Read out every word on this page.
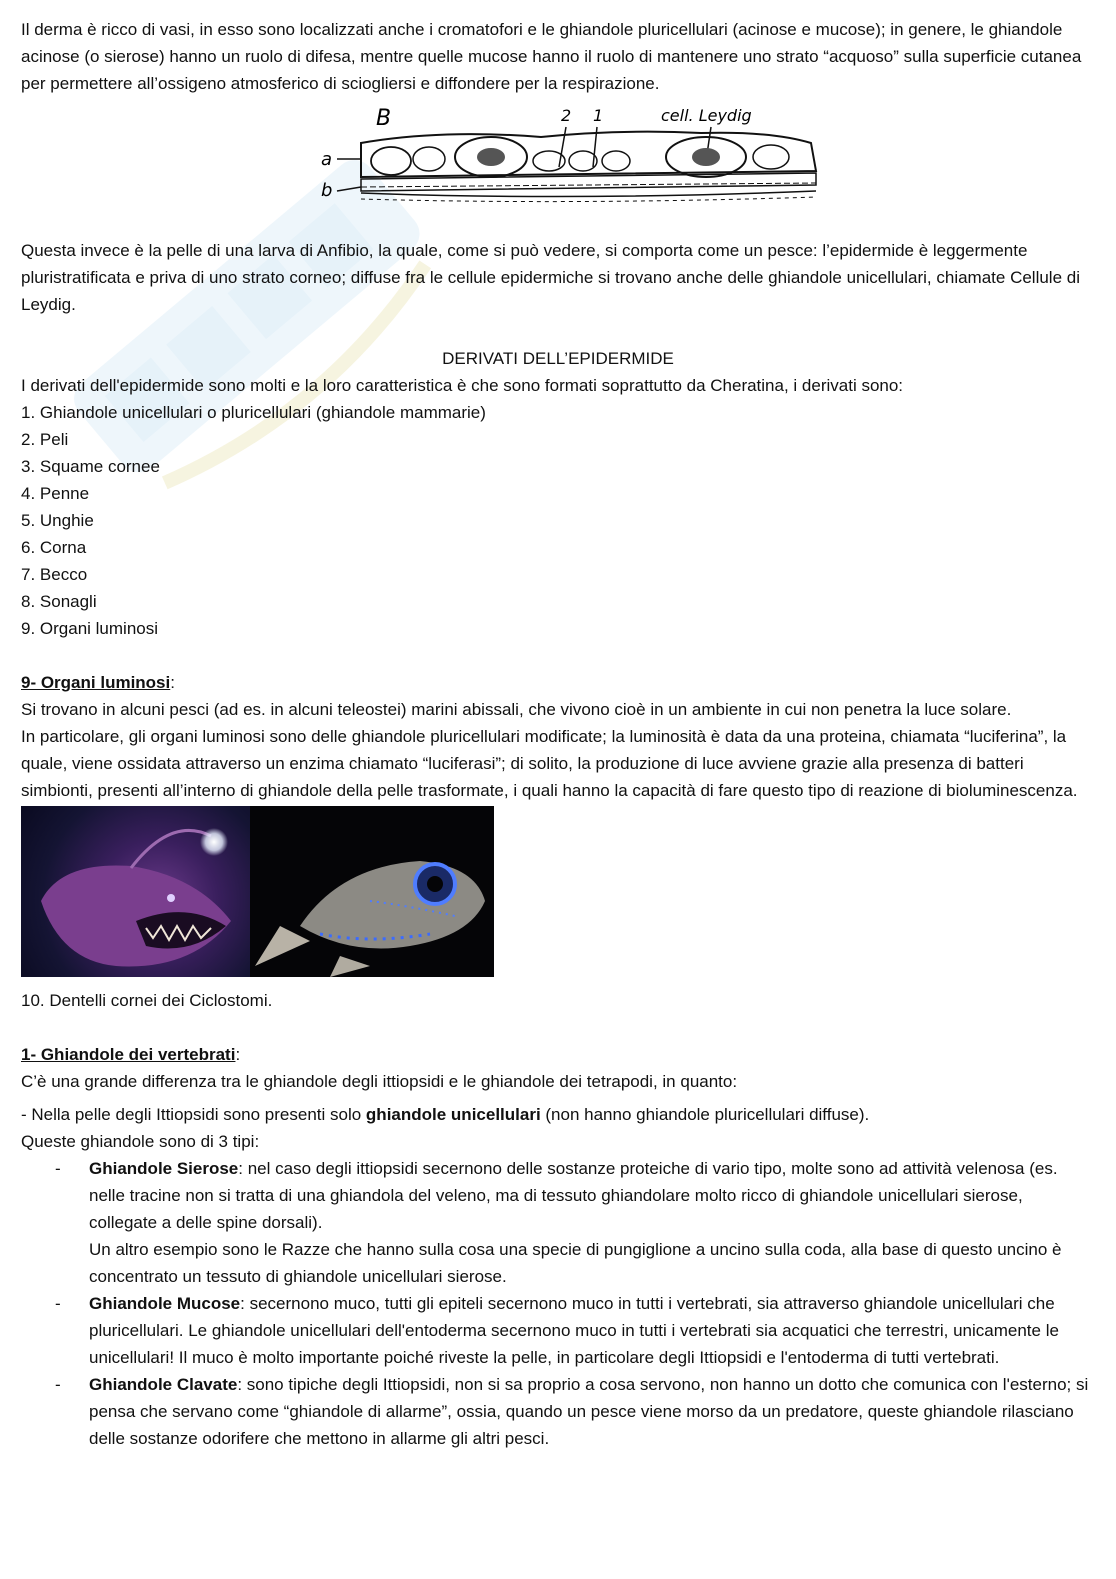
Il derma è ricco di vasi, in esso sono localizzati anche i cromatofori e le ghiandole pluricellulari (acinose e mucose); in genere, le ghiandole acinose (o sierose) hanno un ruolo di difesa, mentre quelle mucose hanno il ruolo di mantenere uno strato “acquoso” sulla superficie cutanea per permettere all’ossigeno atmosferico di sciogliersi e diffondere per la respirazione.

B	2 1	cell. Leydig
a
b

Questa invece è la pelle di una larva di Anfibio, la quale, come si può vedere, si comporta come un pesce: l’epidermide è leggermente pluristratificata e priva di uno strato corneo; diffuse fra le cellule epidermiche si trovano anche delle ghiandole unicellulari, chiamate Cellule di Leydig.

DERIVATI DELL’EPIDERMIDE

I derivati dell'epidermide sono molti e la loro caratteristica è che sono formati soprattutto da Cheratina, i derivati sono:

1. Ghiandole unicellulari o pluricellulari (ghiandole mammarie)
2. Peli
3. Squame cornee
4. Penne
5. Unghie
6. Corna
7. Becco
8. Sonagli
9. Organi luminosi

9- Organi luminosi:

Si trovano in alcuni pesci (ad es. in alcuni teleostei) marini abissali, che vivono cioè in un ambiente in cui non penetra la luce solare.

In particolare, gli organi luminosi sono delle ghiandole pluricellulari modificate; la luminosità è data da una proteina, chiamata “luciferina”, la quale, viene ossidata attraverso un enzima chiamato “luciferasi”; di solito, la produzione di luce avviene grazie alla presenza di batteri simbionti, presenti all’interno di ghiandole della pelle trasformate, i quali hanno la capacità di fare questo tipo di reazione di bioluminescenza.

10. Dentelli cornei dei Ciclostomi.

1- Ghiandole dei vertebrati:

C’è una grande differenza tra le ghiandole degli ittiopsidi e le ghiandole dei tetrapodi, in quanto:

- Nella pelle degli Ittiopsidi sono presenti solo ghiandole unicellulari (non hanno ghiandole pluricellulari diffuse).

Queste ghiandole sono di 3 tipi:

- Ghiandole Sierose: nel caso degli ittiopsidi secernono delle sostanze proteiche di vario tipo, molte sono ad attività velenosa (es. nelle tracine non si tratta di una ghiandola del veleno, ma di tessuto ghiandolare molto ricco di ghiandole unicellulari sierose, collegate a delle spine dorsali).
Un altro esempio sono le Razze che hanno sulla cosa una specie di pungiglione a uncino sulla coda, alla base di questo uncino è concentrato un tessuto di ghiandole unicellulari sierose.
- Ghiandole Mucose: secernono muco, tutti gli epiteli secernono muco in tutti i vertebrati, sia attraverso ghiandole unicellulari che pluricellulari. Le ghiandole unicellulari dell'entoderma secernono muco in tutti i vertebrati sia acquatici che terrestri, unicamente le unicellulari! Il muco è molto importante poiché riveste la pelle, in particolare degli Ittiopsidi e l'entoderma di tutti vertebrati.
- Ghiandole Clavate: sono tipiche degli Ittiopsidi, non si sa proprio a cosa servono, non hanno un dotto che comunica con l'esterno; si pensa che servano come “ghiandole di allarme”, ossia, quando un pesce viene morso da un predatore, queste ghiandole rilasciano delle sostanze odorifere che mettono in allarme gli altri pesci.
